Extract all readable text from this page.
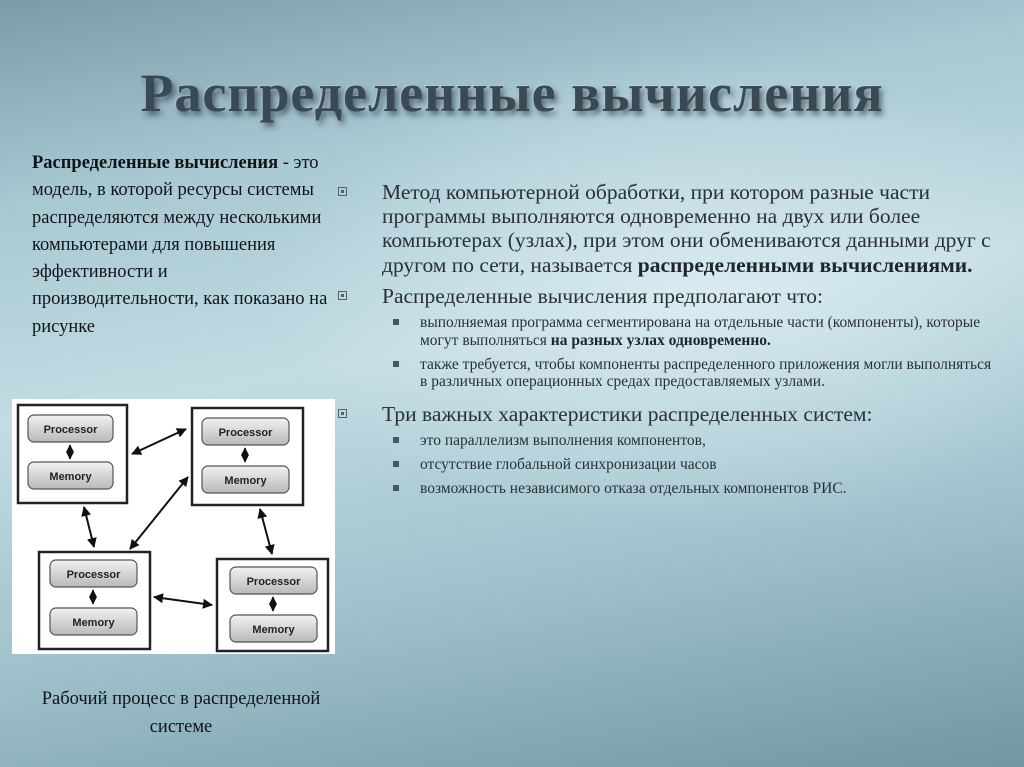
Распределенные вычисления
Распределенные вычисления - это модель, в которой ресурсы системы распределяются между несколькими компьютерами для повышения эффективности и производительности, как показано на рисунке
Processor
Memory
Processor
Memory
Processor
Memory
Processor
Memory
Рабочий процесс в распределенной
системе
Метод компьютерной обработки, при котором разные части программы выполняются одновременно на двух или более компьютерах (узлах), при этом они обмениваются данными друг с другом по сети, называется распределенными вычислениями.
Распределенные вычисления предполагают что:
выполняемая программа сегментирована на отдельные части (компоненты), которые могут выполняться на разных узлах одновременно.
также требуется, чтобы компоненты распределенного приложения могли выполняться в различных операционных средах предоставляемых узлами.
Три важных характеристики распределенных систем:
это параллелизм выполнения компонентов,
отсутствие глобальной синхронизации часов
возможность независимого отказа отдельных компонентов РИС.
